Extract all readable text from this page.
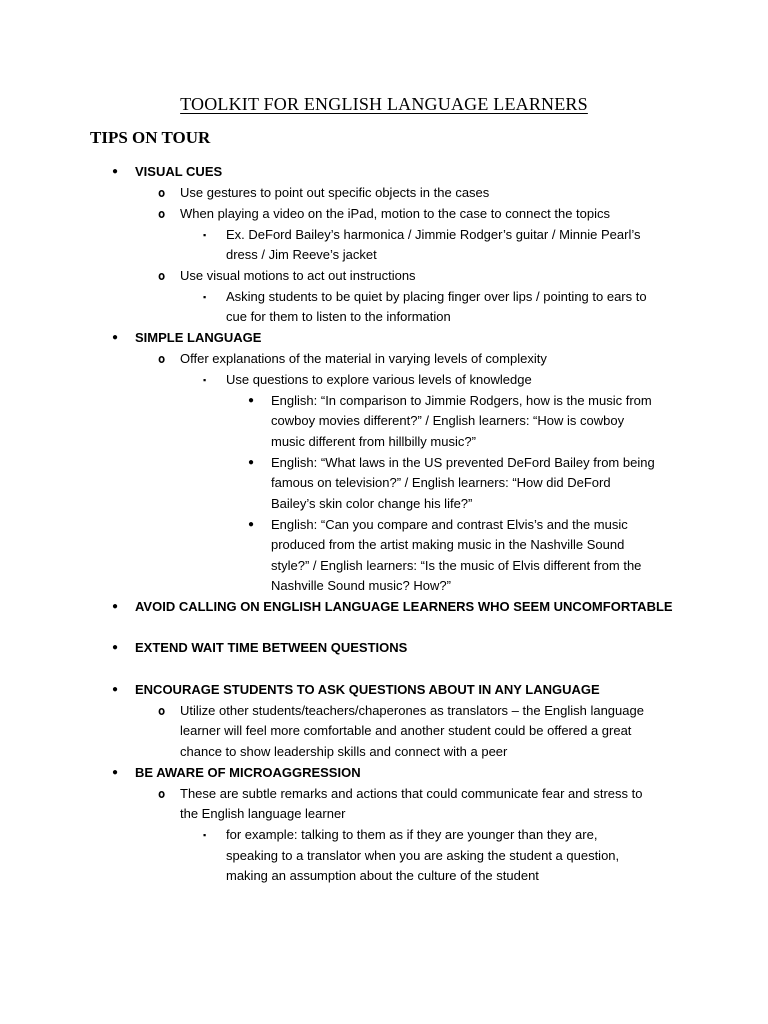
TOOLKIT FOR ENGLISH LANGUAGE LEARNERS
TIPS ON TOUR
● VISUAL CUES
o Use gestures to point out specific objects in the cases
o When playing a video on the iPad, motion to the case to connect the topics
▪ Ex. DeFord Bailey’s harmonica / Jimmie Rodger’s guitar / Minnie Pearl’s
dress / Jim Reeve’s jacket
o Use visual motions to act out instructions
▪ Asking students to be quiet by placing finger over lips / pointing to ears to
cue for them to listen to the information
● SIMPLE LANGUAGE
o Offer explanations of the material in varying levels of complexity
▪ Use questions to explore various levels of knowledge
● English: “In comparison to Jimmie Rodgers, how is the music from
cowboy movies different?” / English learners: “How is cowboy
music different from hillbilly music?”
● English: “What laws in the US prevented DeFord Bailey from being
famous on television?” / English learners: “How did DeFord
Bailey’s skin color change his life?”
● English: “Can you compare and contrast Elvis’s and the music
produced from the artist making music in the Nashville Sound
style?” / English learners: “Is the music of Elvis different from the
Nashville Sound music? How?”
● AVOID CALLING ON ENGLISH LANGUAGE LEARNERS WHO SEEM UNCOMFORTABLE
● EXTEND WAIT TIME BETWEEN QUESTIONS
● ENCOURAGE STUDENTS TO ASK QUESTIONS ABOUT IN ANY LANGUAGE
o Utilize other students/teachers/chaperones as translators – the English language
learner will feel more comfortable and another student could be offered a great
chance to show leadership skills and connect with a peer
● BE AWARE OF MICROAGGRESSION
o These are subtle remarks and actions that could communicate fear and stress to
the English language learner
▪ for example: talking to them as if they are younger than they are,
speaking to a translator when you are asking the student a question,
making an assumption about the culture of the student
